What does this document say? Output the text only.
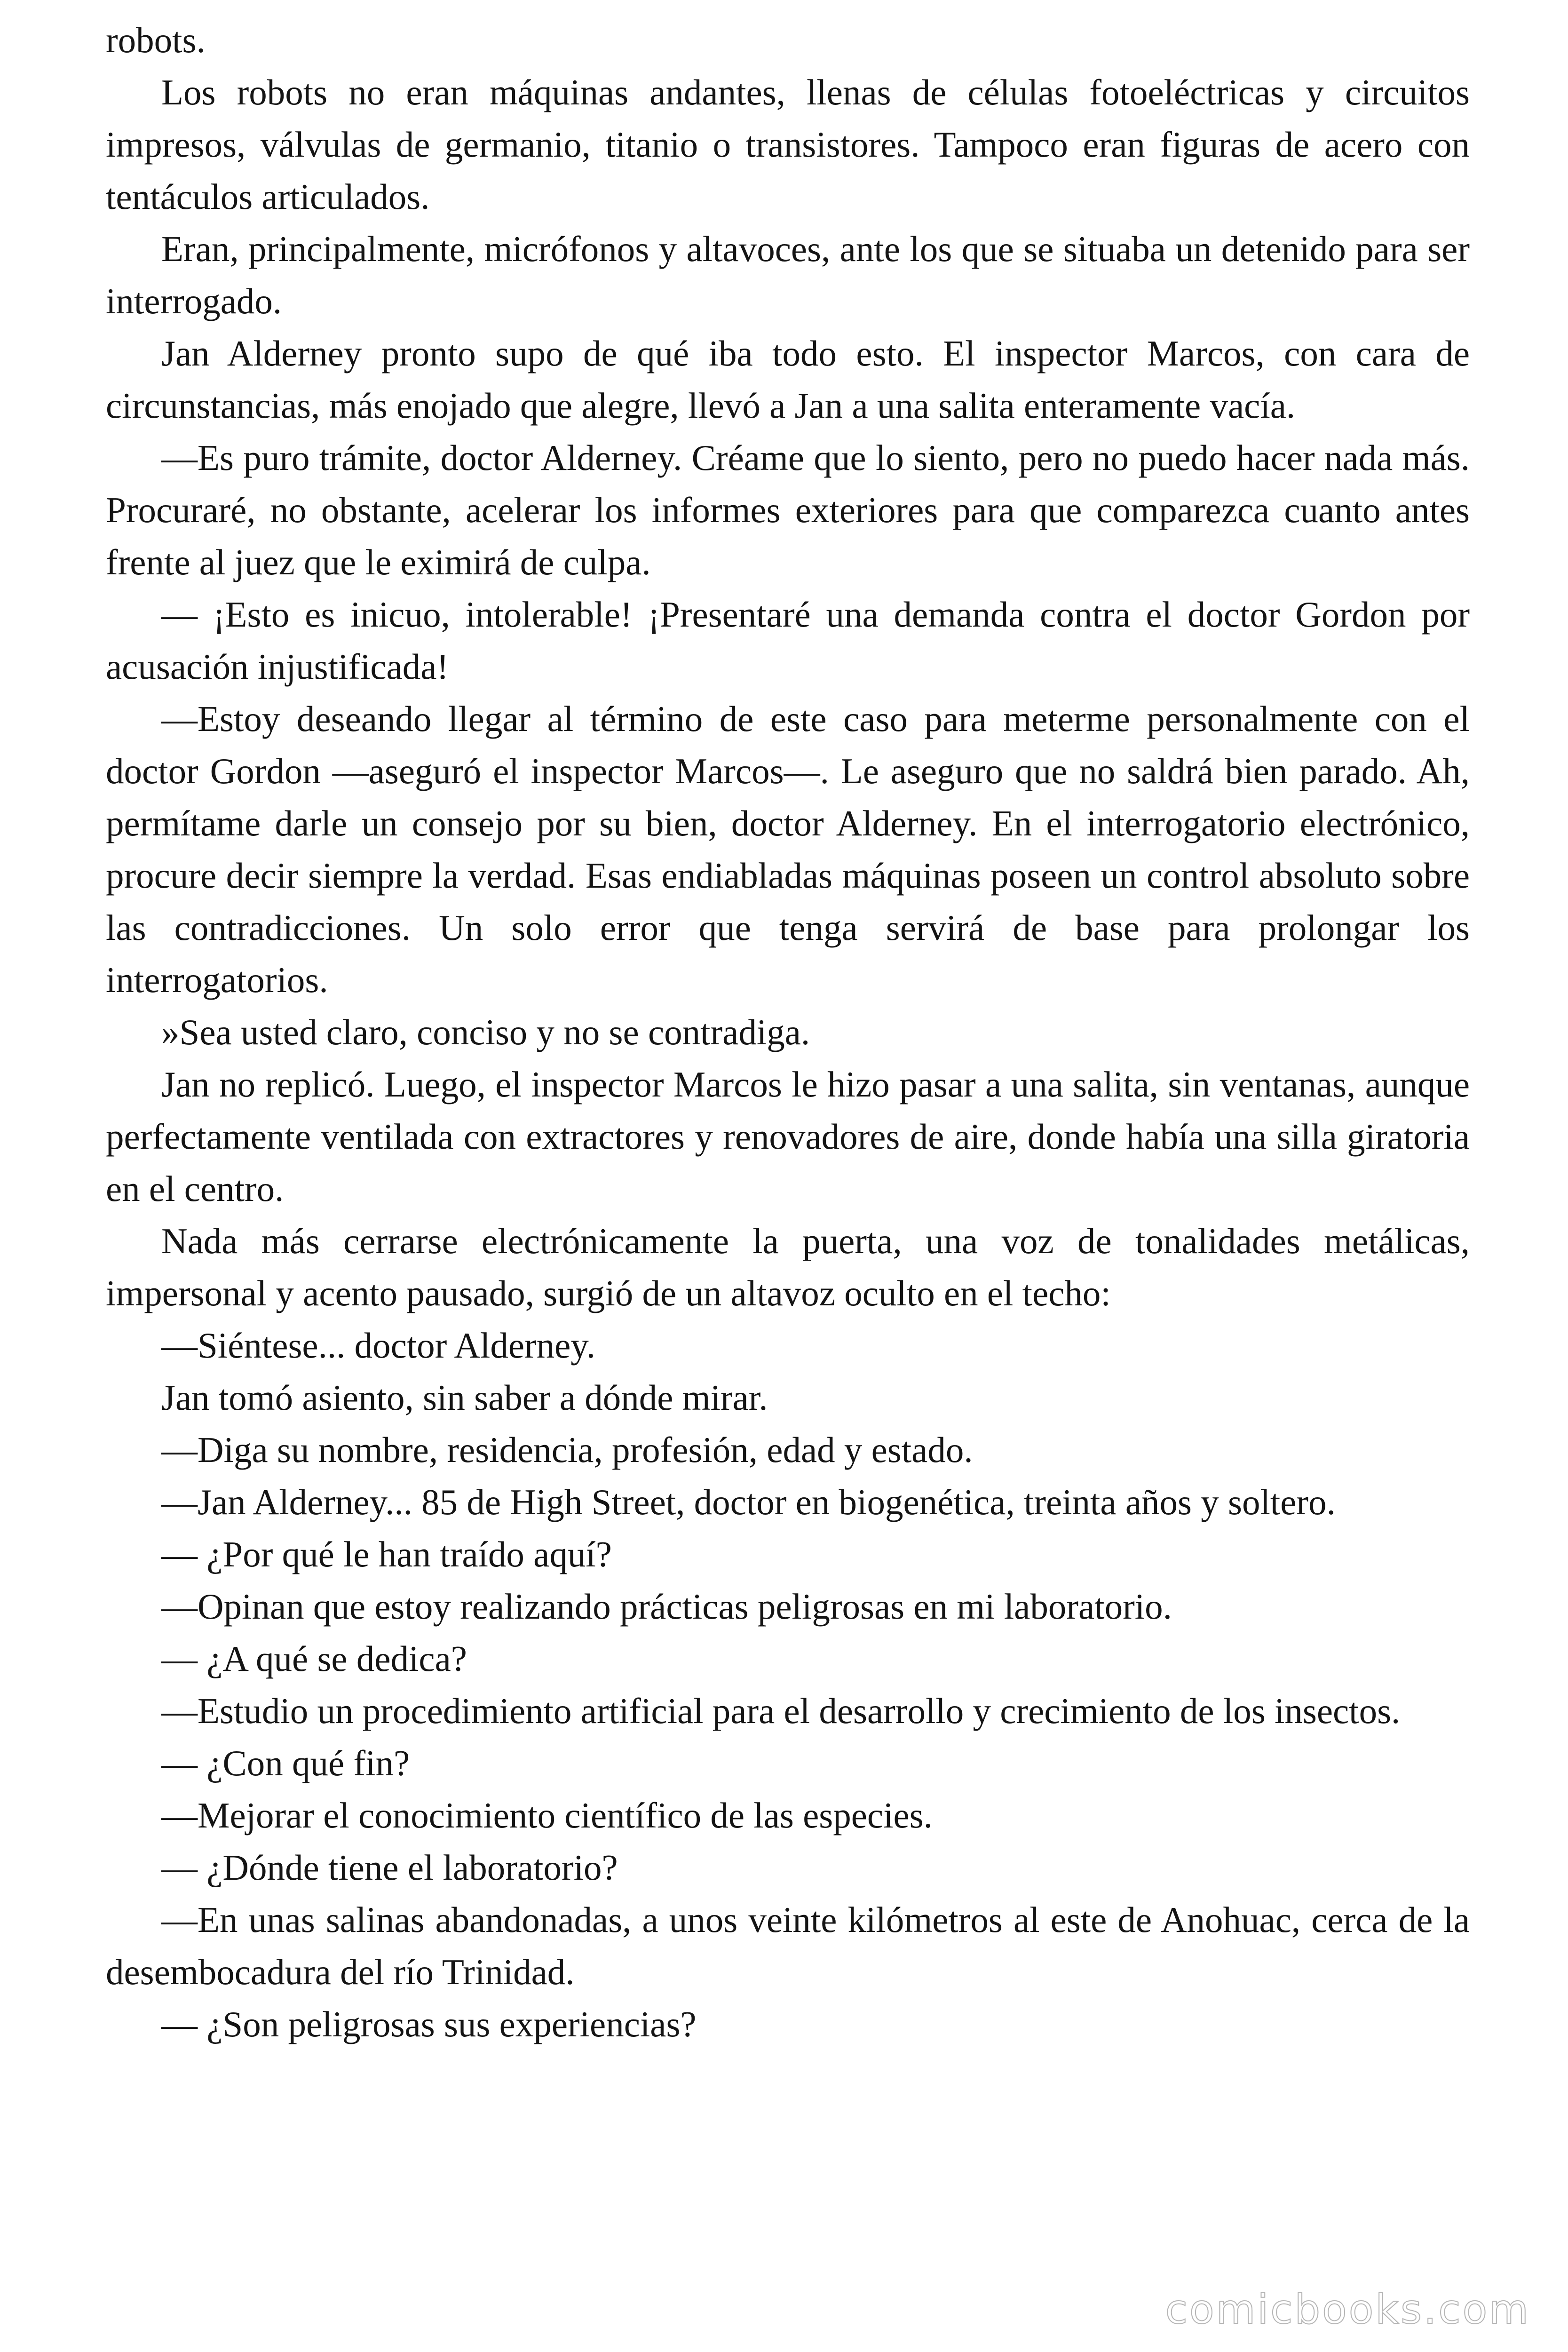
robots.

Los robots no eran máquinas andantes, llenas de células fotoeléctricas y circuitos impresos, válvulas de germanio, titanio o transistores. Tampoco eran figuras de acero con tentáculos articulados.

Eran, principalmente, micrófonos y altavoces, ante los que se situaba un detenido para ser interrogado.

Jan Alderney pronto supo de qué iba todo esto. El inspector Marcos, con cara de circunstancias, más enojado que alegre, llevó a Jan a una salita enteramente vacía.

—Es puro trámite, doctor Alderney. Créame que lo siento, pero no puedo hacer nada más. Procuraré, no obstante, acelerar los informes exteriores para que comparezca cuanto antes frente al juez que le eximirá de culpa.

— ¡Esto es inicuo, intolerable! ¡Presentaré una demanda contra el doctor Gordon por acusación injustificada!

—Estoy deseando llegar al término de este caso para meterme personalmente con el doctor Gordon —aseguró el inspector Marcos—. Le aseguro que no saldrá bien parado. Ah, permítame darle un consejo por su bien, doctor Alderney. En el interrogatorio electrónico, procure decir siempre la verdad. Esas endiabladas máquinas poseen un control absoluto sobre las contradicciones. Un solo error que tenga servirá de base para prolongar los interrogatorios.

»Sea usted claro, conciso y no se contradiga.

Jan no replicó. Luego, el inspector Marcos le hizo pasar a una salita, sin ventanas, aunque perfectamente ventilada con extractores y renovadores de aire, donde había una silla giratoria en el centro.

Nada más cerrarse electrónicamente la puerta, una voz de tonalidades metálicas, impersonal y acento pausado, surgió de un altavoz oculto en el techo:

—Siéntese... doctor Alderney.

Jan tomó asiento, sin saber a dónde mirar.

—Diga su nombre, residencia, profesión, edad y estado.

—Jan Alderney... 85 de High Street, doctor en biogenética, treinta años y soltero.

— ¿Por qué le han traído aquí?

—Opinan que estoy realizando prácticas peligrosas en mi laboratorio.

— ¿A qué se dedica?

—Estudio un procedimiento artificial para el desarrollo y crecimiento de los insectos.

— ¿Con qué fin?

—Mejorar el conocimiento científico de las especies.

— ¿Dónde tiene el laboratorio?

—En unas salinas abandonadas, a unos veinte kilómetros al este de Anohuac, cerca de la desembocadura del río Trinidad.

— ¿Son peligrosas sus experiencias?

comicbooks.com
